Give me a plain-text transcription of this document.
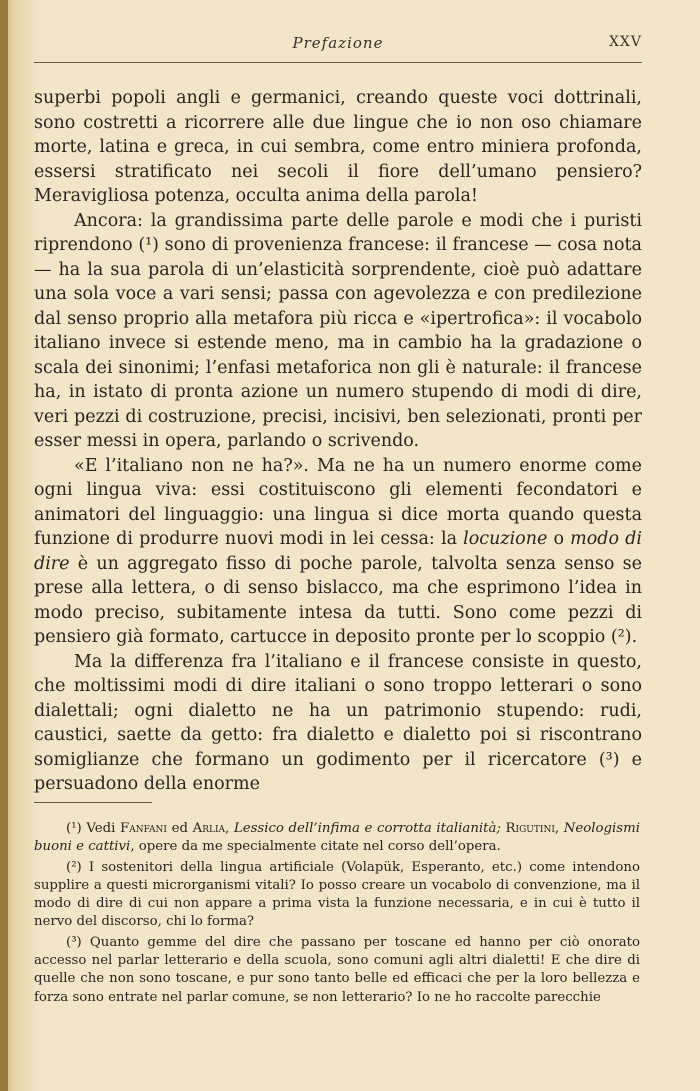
Prefazione	XXV

superbi popoli angli e germanici, creando queste voci dottrinali, sono costretti a ricorrere alle due lingue che io non oso chiamare morte, latina e greca, in cui sembra, come entro miniera profonda, essersi stratificato nei secoli il fiore dell’umano pensiero? Meravigliosa potenza, occulta anima della parola!

Ancora: la grandissima parte delle parole e modi che i puristi riprendono (¹) sono di provenienza francese: il francese — cosa nota — ha la sua parola di un’elasticità sorprendente, cioè può adattare una sola voce a vari sensi; passa con agevolezza e con predilezione dal senso proprio alla metafora più ricca e «ipertrofica»: il vocabolo italiano invece si estende meno, ma in cambio ha la gradazione o scala dei sinonimi; l’enfasi metaforica non gli è naturale: il francese ha, in istato di pronta azione un numero stupendo di modi di dire, veri pezzi di costruzione, precisi, incisivi, ben selezionati, pronti per esser messi in opera, parlando o scrivendo.

«E l’italiano non ne ha?». Ma ne ha un numero enorme come ogni lingua viva: essi costituiscono gli elementi fecondatori e animatori del linguaggio: una lingua si dice morta quando questa funzione di produrre nuovi modi in lei cessa: la locuzione o modo di dire è un aggregato fisso di poche parole, talvolta senza senso se prese alla lettera, o di senso bislacco, ma che esprimono l’idea in modo preciso, subitamente intesa da tutti. Sono come pezzi di pensiero già formato, cartucce in deposito pronte per lo scoppio (²).

Ma la differenza fra l’italiano e il francese consiste in questo, che moltissimi modi di dire italiani o sono troppo letterari o sono dialettali; ogni dialetto ne ha un patrimonio stupendo: rudi, caustici, saette da getto: fra dialetto e dialetto poi si riscontrano somiglianze che formano un godimento per il ricercatore (³) e persuadono della enorme

(¹) Vedi Fanfani ed Arlia, Lessico dell’infima e corrotta italianità; Rigutini, Neologismi buoni e cattivi, opere da me specialmente citate nel corso dell’opera.

(²) I sostenitori della lingua artificiale (Volapük, Esperanto, etc.) come intendono supplire a questi microrganismi vitali? Io posso creare un vocabolo di convenzione, ma il modo di dire di cui non appare a prima vista la funzione necessaria, e in cui è tutto il nervo del discorso, chi lo forma?

(³) Quanto gemme del dire che passano per toscane ed hanno per ciò onorato accesso nel parlar letterario e della scuola, sono comuni agli altri dialetti! E che dire di quelle che non sono toscane, e pur sono tanto belle ed efficaci che per la loro bellezza e forza sono entrate nel parlar comune, se non letterario? Io ne ho raccolte parecchie
